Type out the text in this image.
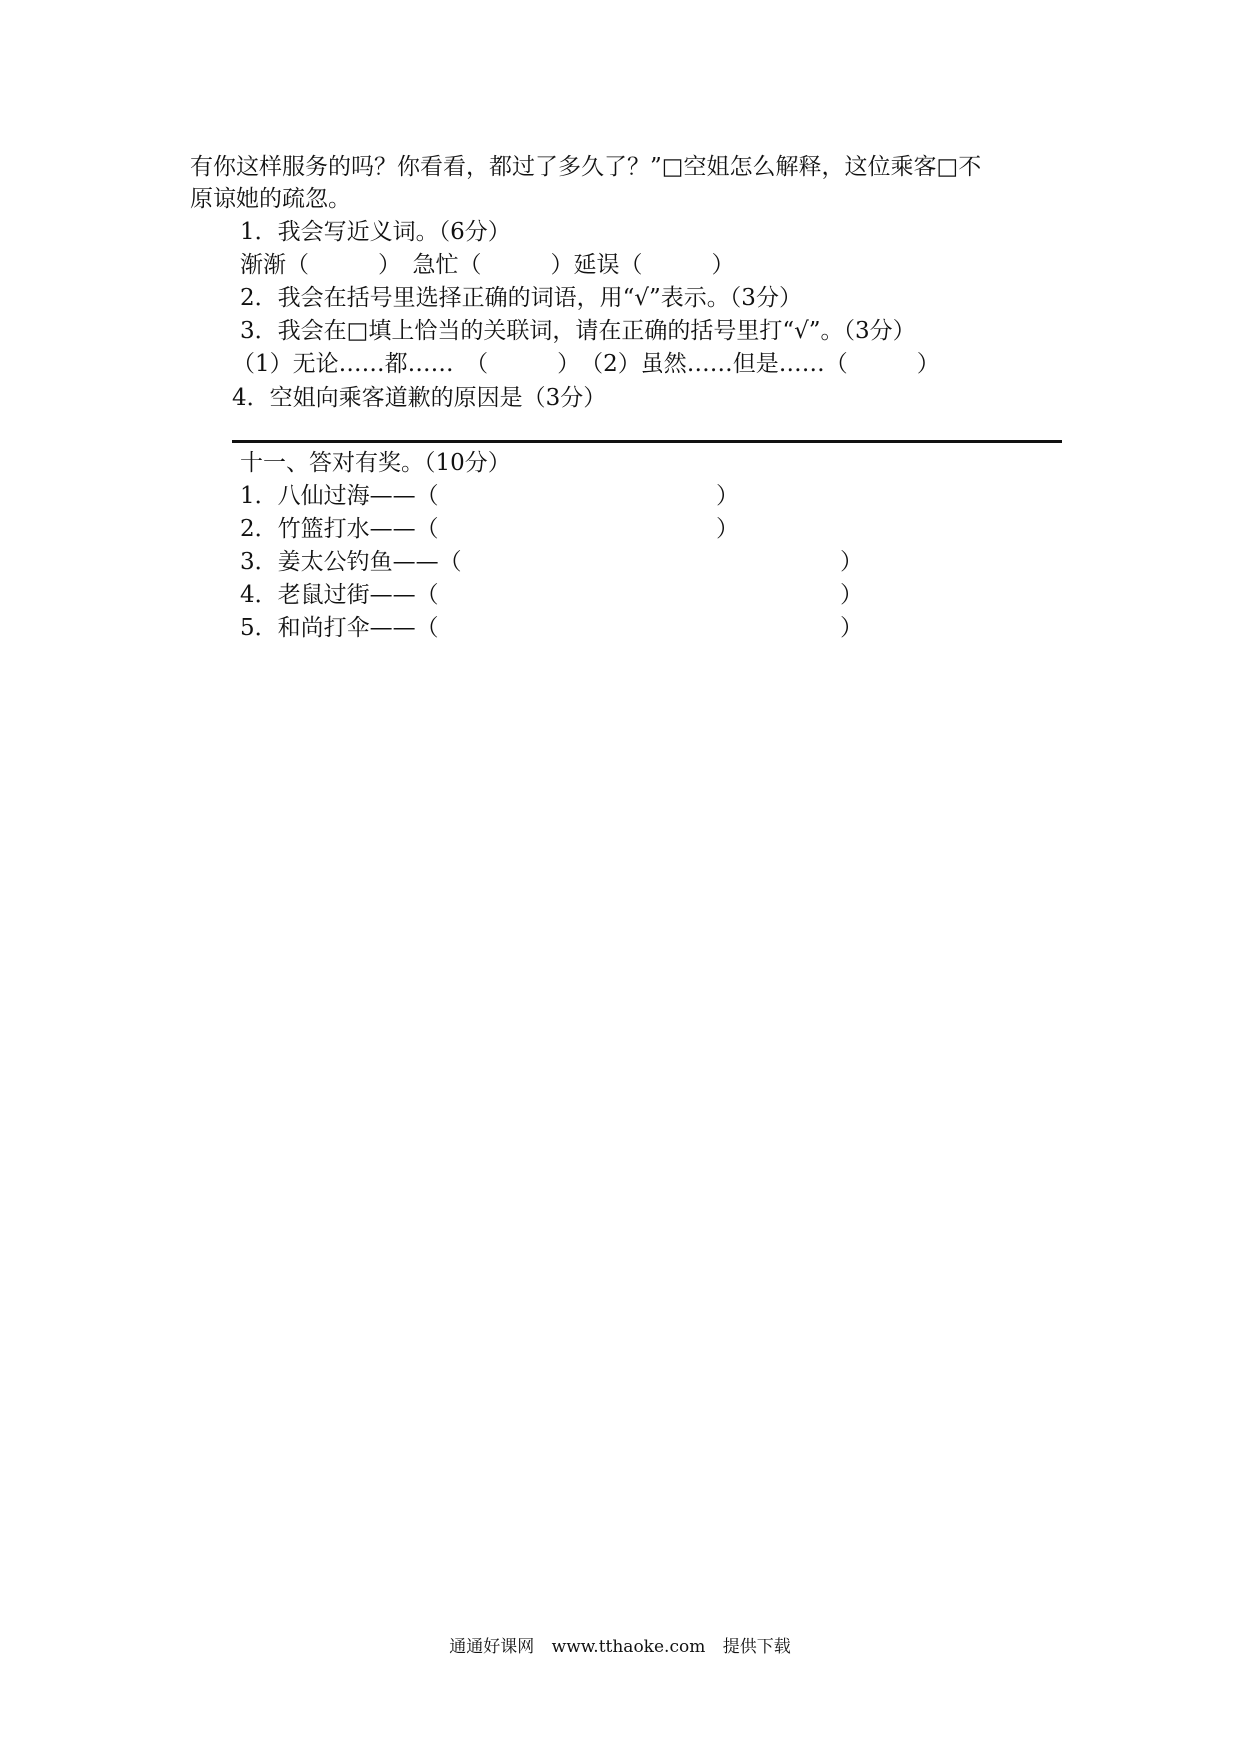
有你这样服务的吗？你看看，都过了多久了？”□空姐怎么解释，这位乘客□不
原谅她的疏忽。
1．我会写近义词。（6分）
渐渐（　　　）　急忙（　　　）延误（　　　）
2．我会在括号里选择正确的词语，用“√”表示。（3分）
3．我会在□填上恰当的关联词，请在正确的括号里打“√”。（3分）
（1）无论……都……　（　　　）　（2）虽然……但是……（　　　）
4．空姐向乘客道歉的原因是（3分）
十一、答对有奖。（10分）
1．八仙过海——（	）
2．竹篮打水——（	）
3．姜太公钓鱼——（	）
4．老鼠过街——（	）
5．和尚打伞——（	）
通通好课网 www.tthaoke.com 提供下载
